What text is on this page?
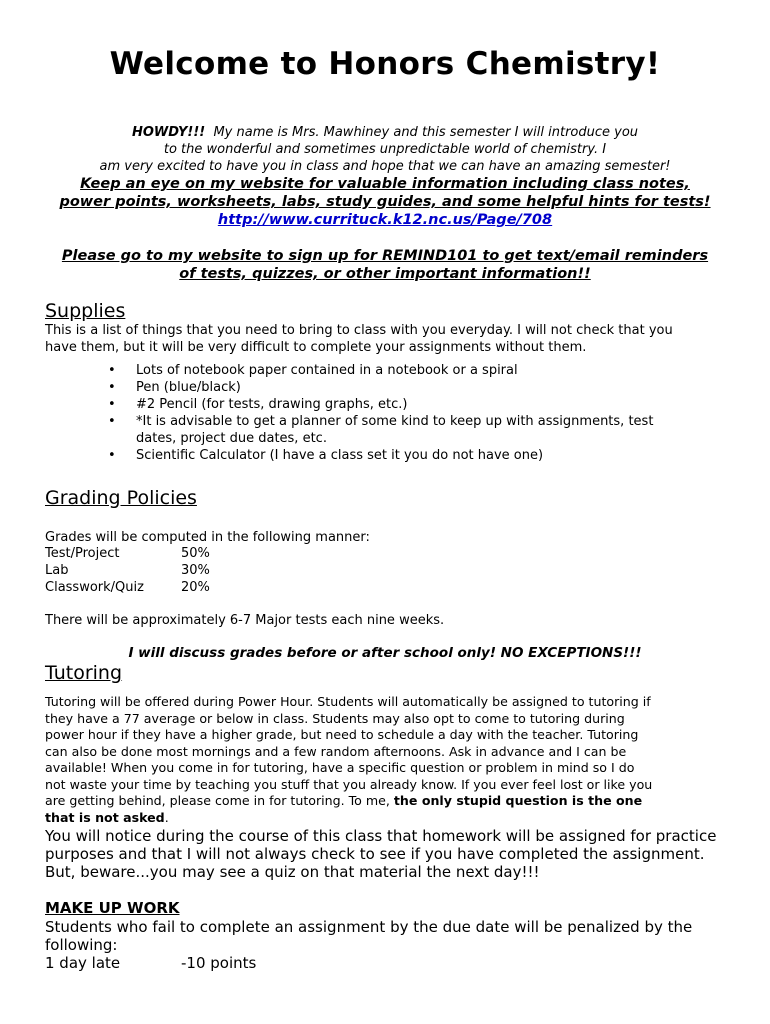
Welcome to Honors Chemistry!
HOWDY!!! My name is Mrs. Mawhiney and this semester I will introduce you
to the wonderful and sometimes unpredictable world of chemistry. I
am very excited to have you in class and hope that we can have an amazing semester!
Keep an eye on my website for valuable information including class notes,
power points, worksheets, labs, study guides, and some helpful hints for tests!
http://www.currituck.k12.nc.us/Page/708
Please go to my website to sign up for REMIND101 to get text/email reminders
of tests, quizzes, or other important information!!
Supplies
This is a list of things that you need to bring to class with you everyday. I will not check that you
have them, but it will be very difficult to complete your assignments without them.
• Lots of notebook paper contained in a notebook or a spiral
• Pen (blue/black)
• #2 Pencil (for tests, drawing graphs, etc.)
• *It is advisable to get a planner of some kind to keep up with assignments, test dates, project due dates, etc.
• Scientific Calculator (I have a class set it you do not have one)
Grading Policies
Grades will be computed in the following manner:
Test/Project	50%
Lab	30%
Classwork/Quiz	20%
There will be approximately 6-7 Major tests each nine weeks.
I will discuss grades before or after school only! NO EXCEPTIONS!!!
Tutoring
Tutoring will be offered during Power Hour. Students will automatically be assigned to tutoring if
they have a 77 average or below in class. Students may also opt to come to tutoring during
power hour if they have a higher grade, but need to schedule a day with the teacher. Tutoring
can also be done most mornings and a few random afternoons. Ask in advance and I can be
available! When you come in for tutoring, have a specific question or problem in mind so I do
not waste your time by teaching you stuff that you already know. If you ever feel lost or like you
are getting behind, please come in for tutoring. To me, the only stupid question is the one
that is not asked.
You will notice during the course of this class that homework will be assigned for practice
purposes and that I will not always check to see if you have completed the assignment.
But, beware...you may see a quiz on that material the next day!!!
MAKE UP WORK
Students who fail to complete an assignment by the due date will be penalized by the
following:
1 day late	-10 points
